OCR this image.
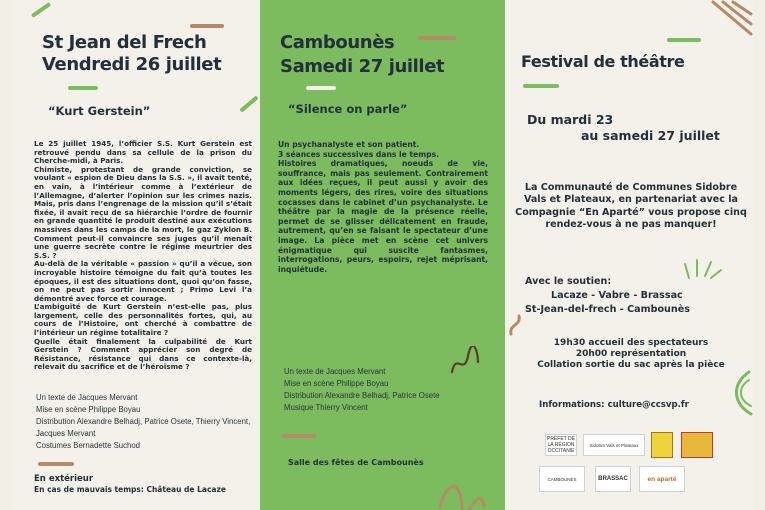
St Jean del Frech
Vendredi 26 juillet
“Kurt Gerstein”
Le 25 juillet 1945, l’officier S.S. Kurt Gerstein est retrouvé pendu dans sa cellule de la prison du Cherche-midi, à Paris.
Chimiste, protestant de grande conviction, se voulant « espion de Dieu dans la S.S. », il avait tenté, en vain, à l’intérieur comme à l’extérieur de l’Allemagne, d’alerter l’opinion sur les crimes nazis. Mais, pris dans l’engrenage de la mission qu’il s’était fixée, il avait reçu de sa hiérarchie l’ordre de fournir en grande quantité le produit destiné aux exécutions massives dans les camps de la mort, le gaz Zyklon B. Comment peut-il convaincre ses juges qu’il menait une guerre secrète contre le régime meurtrier des S.S. ?
Au-delà de la véritable « passion » qu’il a vécue, son incroyable histoire témoigne du fait qu’à toutes les époques, il est des situations dont, quoi qu’on fasse, on ne peut pas sortir innocent ; Primo Levi l’a démontré avec force et courage.
L’ambiguïté de Kurt Gerstein n’est-elle pas, plus largement, celle des personnalités fortes, qui, au cours de l’Histoire, ont cherché à combattre de l’intérieur un régime totalitaire ?
Quelle était finalement la culpabilité de Kurt Gerstein ? Comment apprécier son degré de Résistance, résistance qui dans ce contexte-là, relevait du sacrifice et de l’héroïsme ?
Un texte de Jacques Mervant
Mise en scène Philippe Boyau
Distribution Alexandre Belhadj, Patrice Osete, Thierry Vincent, Jacques Mervant
Costumes Bernadette Suchod
En extérieur
En cas de mauvais temps: Château de Lacaze
Cambounès
Samedi 27 juillet
“Silence on parle”
Un psychanalyste et son patient.
3 séances successives dans le temps.
Histoires dramatiques, noeuds de vie, souffrance, mais pas seulement. Contrairement aux idées reçues, il peut aussi y avoir des moments légers, des rires, voire des situations cocasses dans le cabinet d’un psychanalyste. Le théâtre par la magie de la présence réelle, permet de se glisser délicatement en fraude, autrement, qu’en se faisant le spectateur d’une image. La pièce met en scène cet univers énigmatique qui suscite fantasmes, interrogations, peurs, espoirs, rejet méprisant, inquiétude.
Un texte de Jacques Mervant
Mise en scène Philippe Boyau
Distribution Alexandre Belhadj, Patrice Osete
Musique Thierry Vincent
Salle des fêtes de Cambounès
Festival de théâtre
Du mardi 23
au samedi 27 juillet
La Communauté de Communes Sidobre Vals et Plateaux, en partenariat avec la Compagnie “En Aparté” vous propose cinq rendez-vous à ne pas manquer!
Avec le soutien:
Lacaze - Vabre - Brassac
St-Jean-del-frech - Cambounès
19h30 accueil des spectateurs
20h00 représentation
Collation sortie du sac après la pièce
Informations: culture@ccsvp.fr
PRÉFET DE LA RÉGION OCCITANIE
Sidobre Vals et Plateaux
CAMBOUNÈS	BRASSAC	en aparté
